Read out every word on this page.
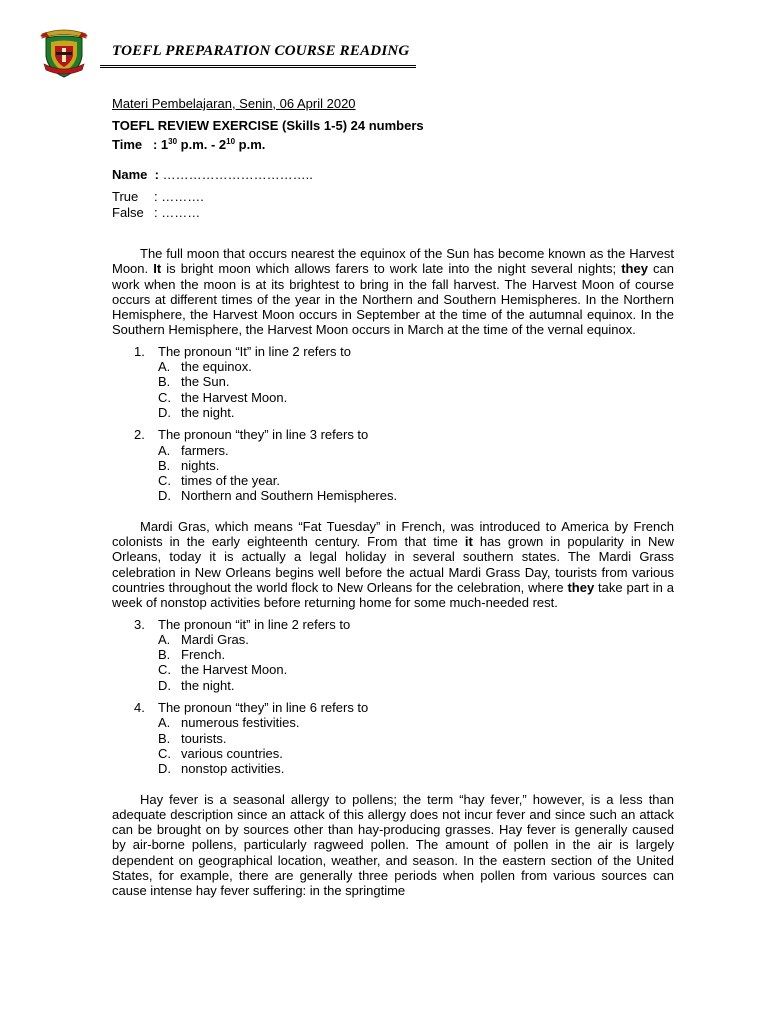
TOEFL PREPARATION COURSE READING
Materi Pembelajaran, Senin, 06 April 2020
TOEFL REVIEW EXERCISE (Skills 1-5) 24 numbers
Time   : $1^{30}$ p.m. - $2^{10}$ p.m.
Name  : ……………………………..
True : ……….
False : ………

The full moon that occurs nearest the equinox of the Sun has become known as the Harvest Moon. It is bright moon which allows farers to work late into the night several nights; they can work when the moon is at its brightest to bring in the fall harvest. The Harvest Moon of course occurs at different times of the year in the Northern and Southern Hemispheres. In the Northern Hemisphere, the Harvest Moon occurs in September at the time of the autumnal equinox. In the Southern Hemisphere, the Harvest Moon occurs in March at the time of the vernal equinox.

1. The pronoun “It” in line 2 refers to
A. the equinox.
B. the Sun.
C. the Harvest Moon.
D. the night.
2. The pronoun “they” in line 3 refers to
A. farmers.
B. nights.
C. times of the year.
D. Northern and Southern Hemispheres.

Mardi Gras, which means “Fat Tuesday” in French, was introduced to America by French colonists in the early eighteenth century. From that time it has grown in popularity in New Orleans, today it is actually a legal holiday in several southern states. The Mardi Grass celebration in New Orleans begins well before the actual Mardi Grass Day, tourists from various countries throughout the world flock to New Orleans for the celebration, where they take part in a week of nonstop activities before returning home for some much-needed rest.

3. The pronoun “it” in line 2 refers to
A. Mardi Gras.
B. French.
C. the Harvest Moon.
D. the night.
4. The pronoun “they” in line 6 refers to
A. numerous festivities.
B. tourists.
C. various countries.
D. nonstop activities.

Hay fever is a seasonal allergy to pollens; the term “hay fever,” however, is a less than adequate description since an attack of this allergy does not incur fever and since such an attack can be brought on by sources other than hay-producing grasses. Hay fever is generally caused by air-borne pollens, particularly ragweed pollen. The amount of pollen in the air is largely dependent on geographical location, weather, and season. In the eastern section of the United States, for example, there are generally three periods when pollen from various sources can cause intense hay fever suffering: in the springtime
